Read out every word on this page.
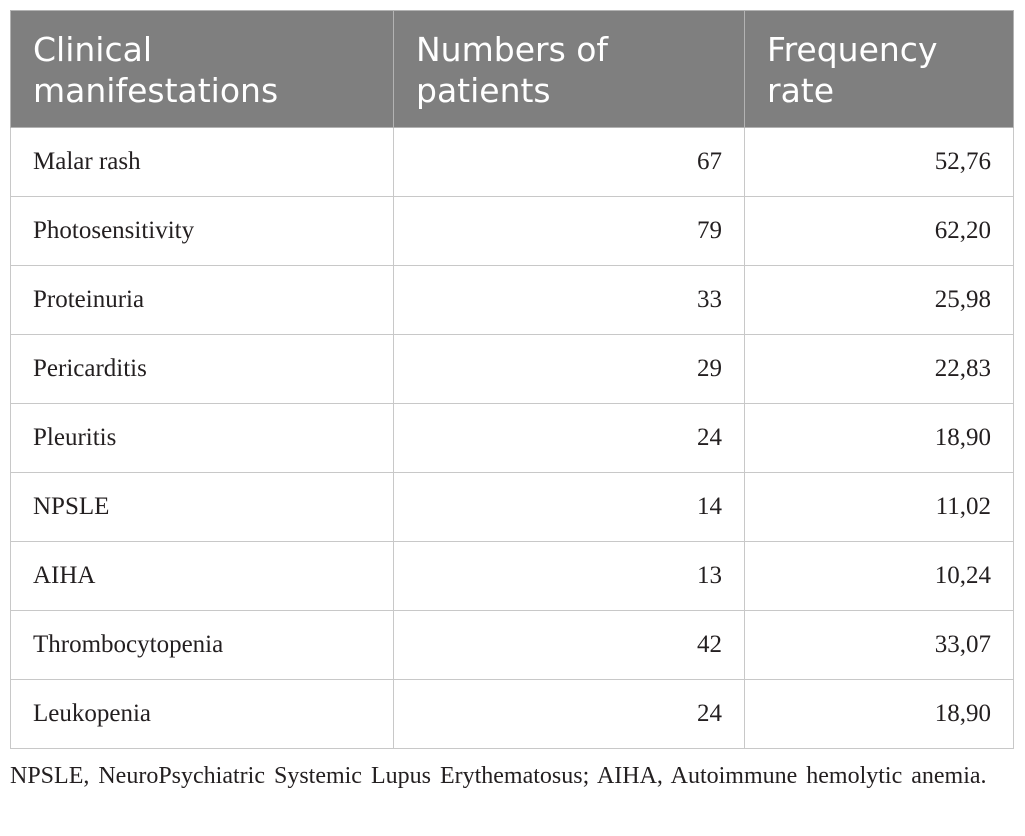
Clinical manifestations	Numbers of patients	Frequency rate
Malar rash	67	52,76
Photosensitivity	79	62,20
Proteinuria	33	25,98
Pericarditis	29	22,83
Pleuritis	24	18,90
NPSLE	14	11,02
AIHA	13	10,24
Thrombocytopenia	42	33,07
Leukopenia	24	18,90
NPSLE, NeuroPsychiatric Systemic Lupus Erythematosus; AIHA, Autoimmune hemolytic anemia.
